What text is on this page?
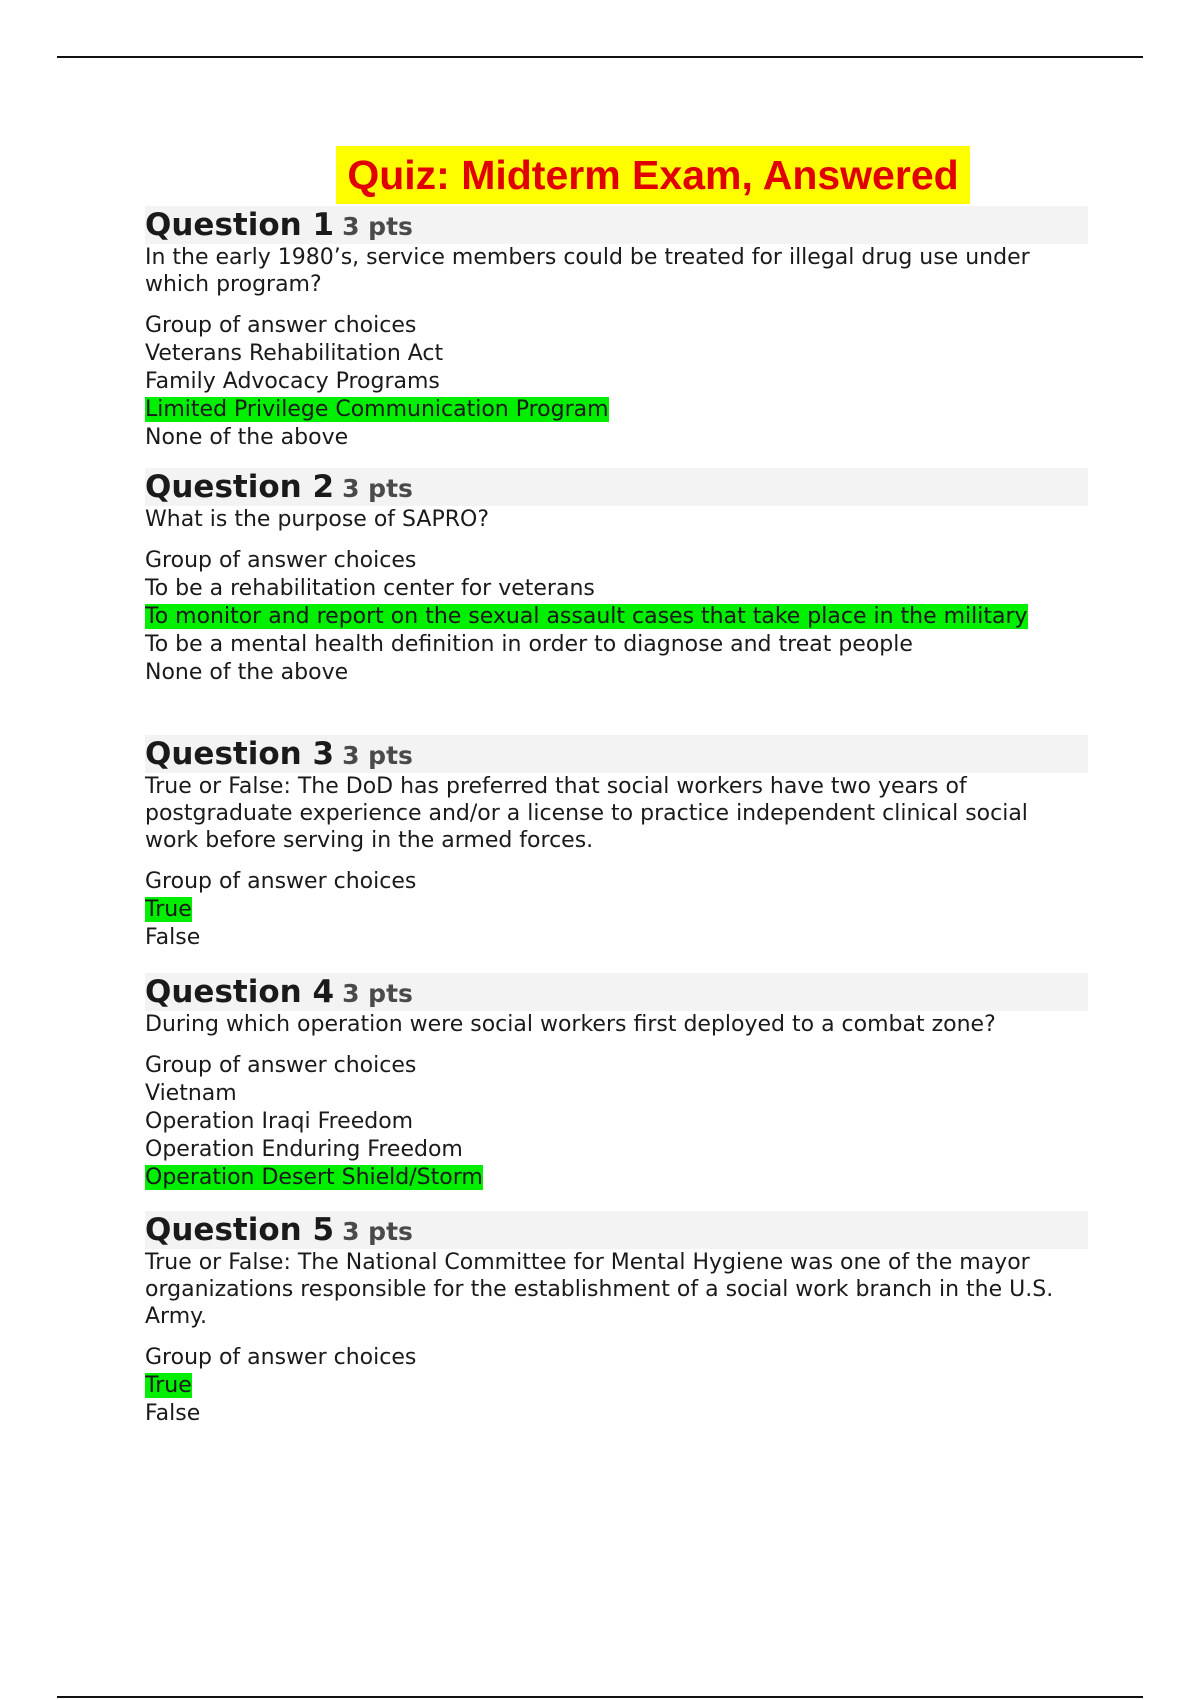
Quiz: Midterm Exam, Answered
Question 1 3 pts

In the early 1980’s, service members could be treated for illegal drug use under which program?

Group of answer choices
Veterans Rehabilitation Act
Family Advocacy Programs
Limited Privilege Communication Program
None of the above
Question 2 3 pts

What is the purpose of SAPRO?

Group of answer choices
To be a rehabilitation center for veterans
To monitor and report on the sexual assault cases that take place in the military
To be a mental health definition in order to diagnose and treat people
None of the above
Question 3 3 pts

True or False: The DoD has preferred that social workers have two years of postgraduate experience and/or a license to practice independent clinical social work before serving in the armed forces.

Group of answer choices
True
False
Question 4 3 pts

During which operation were social workers first deployed to a combat zone?

Group of answer choices
Vietnam
Operation Iraqi Freedom
Operation Enduring Freedom
Operation Desert Shield/Storm
Question 5 3 pts

True or False: The National Committee for Mental Hygiene was one of the mayor organizations responsible for the establishment of a social work branch in the U.S. Army.

Group of answer choices
True
False
